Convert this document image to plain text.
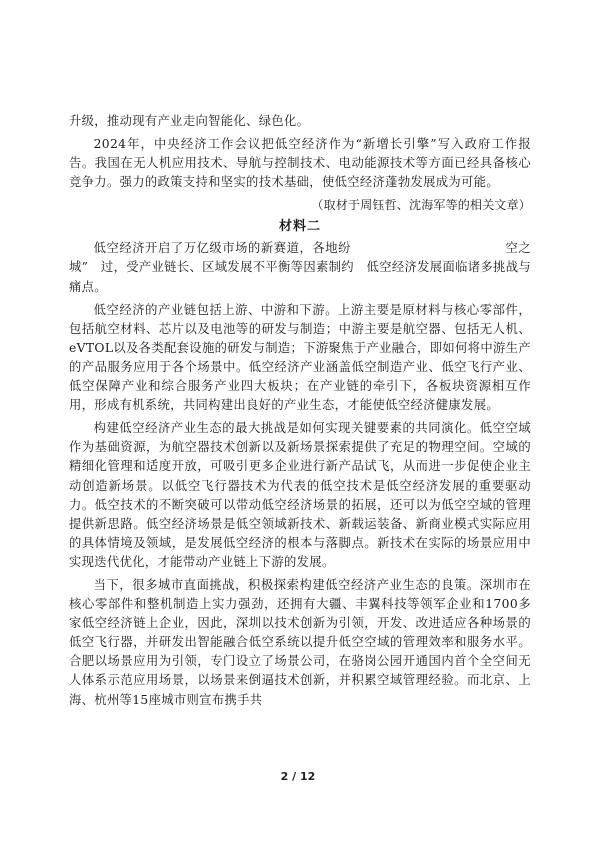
升级，推动现有产业走向智能化、绿色化。

2024年，中央经济工作会议把低空经济作为“新增长引擎”写入政府工作报告。我国在无人机应用技术、导航与控制技术、电动能源技术等方面已经具备核心竞争力。强力的政策支持和坚实的技术基础，使低空经济蓬勃发展成为可能。

（取材于周钰哲、沈海军等的相关文章）

材料二

低空经济开启了万亿级市场的新赛道，各地纷　　　　　　　　　　　　空之城”　过，受产业链长、区域发展不平衡等因素制约　低空经济发展面临诸多挑战与痛点。

低空经济的产业链包括上游、中游和下游。上游主要是原材料与核心零部件，包括航空材料、芯片以及电池等的研发与制造；中游主要是航空器、包括无人机、eVTOL以及各类配套设施的研发与制造；下游聚焦于产业融合，即如何将中游生产的产品服务应用于各个场景中。低空经济产业涵盖低空制造产业、低空飞行产业、低空保障产业和综合服务产业四大板块；在产业链的牵引下，各板块资源相互作用，形成有机系统，共同构建出良好的产业生态，才能使低空经济健康发展。

构建低空经济产业生态的最大挑战是如何实现关键要素的共同演化。低空空域作为基础资源，为航空器技术创新以及新场景探索提供了充足的物理空间。空域的精细化管理和适度开放，可吸引更多企业进行新产品试飞，从而进一步促使企业主动创造新场景。以低空飞行器技术为代表的低空技术是低空经济发展的重要驱动力。低空技术的不断突破可以带动低空经济场景的拓展，还可以为低空空域的管理提供新思路。低空经济场景是低空领域新技术、新载运装备、新商业模式实际应用的具体情境及领域，是发展低空经济的根本与落脚点。新技术在实际的场景应用中实现迭代优化，才能带动产业链上下游的发展。

当下，很多城市直面挑战，积极探索构建低空经济产业生态的良策。深圳市在核心零部件和整机制造上实力强劲，还拥有大疆、丰翼科技等领军企业和1700多家低空经济链上企业，因此，深圳以技术创新为引领，开发、改进适应各种场景的低空飞行器，并研发出智能融合低空系统以提升低空空域的管理效率和服务水平。合肥以场景应用为引领，专门设立了场景公司，在骆岗公园开通国内首个全空间无人体系示范应用场景，以场景来倒逼技术创新，并积累空域管理经验。而北京、上海、杭州等15座城市则宣布携手共

2 / 12
